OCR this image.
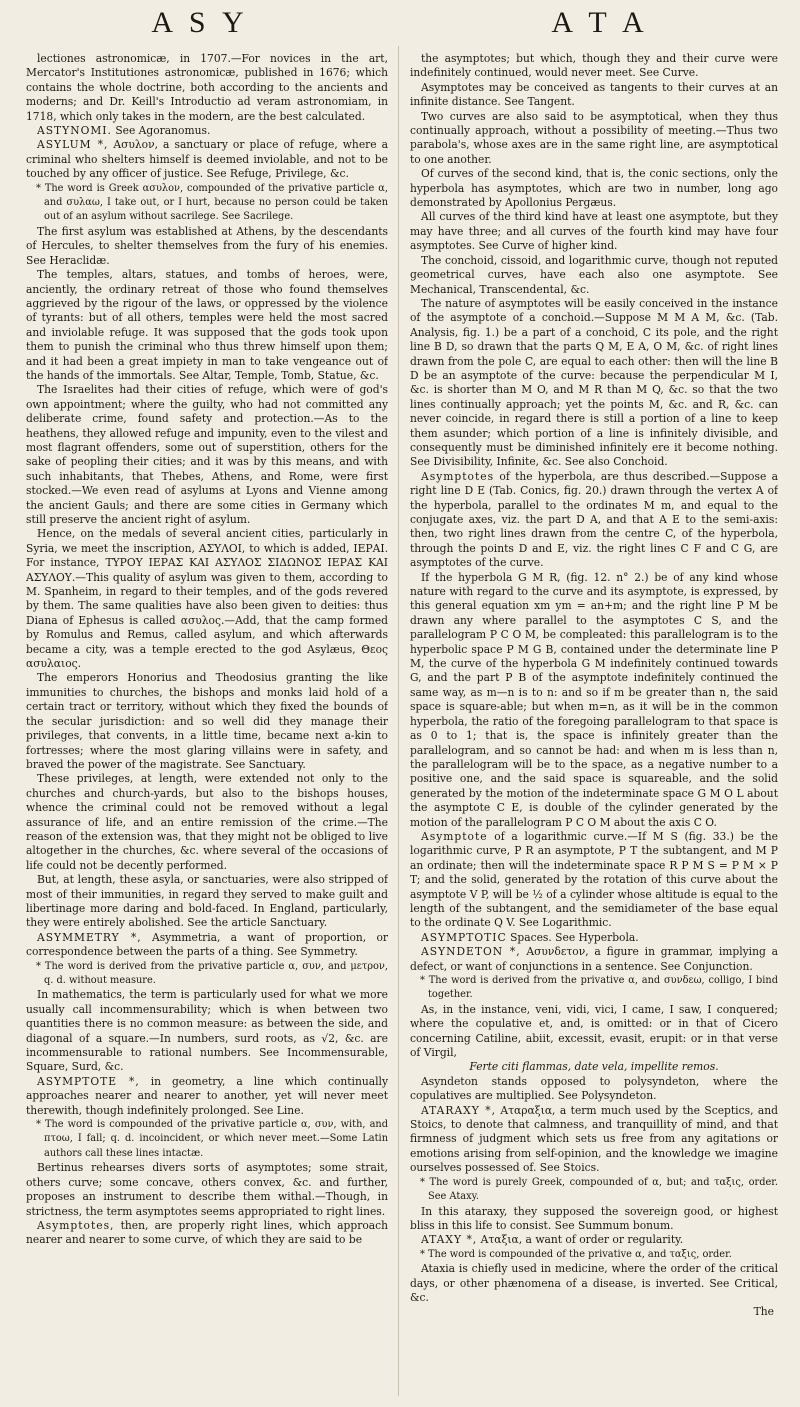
A S Y	A T A

lectiones astronomicæ, in 1707.—For novices in the art, Mercator's Institutiones astronomicæ, published in 1676; which contains the whole doctrine, both according to the ancients and moderns; and Dr. Keill's Introductio ad veram astronomiam, in 1718, which only takes in the modern, are the best calculated.

ASTYNOMI. See Agoranomus.

ASYLUM *, Ασυλον, a sanctuary or place of refuge, where a criminal who shelters himself is deemed inviolable, and not to be touched by any officer of justice. See Refuge, Privilege, &c.

* The word is Greek ασυλον, compounded of the privative particle α, and συλαω, I take out, or I hurt, because no person could be taken out of an asylum without sacrilege. See Sacrilege.

The first asylum was established at Athens, by the descendants of Hercules, to shelter themselves from the fury of his enemies. See Heraclidæ.

The temples, altars, statues, and tombs of heroes, were, anciently, the ordinary retreat of those who found themselves aggrieved by the rigour of the laws, or oppressed by the violence of tyrants: but of all others, temples were held the most sacred and inviolable refuge. It was supposed that the gods took upon them to punish the criminal who thus threw himself upon them; and it had been a great impiety in man to take vengeance out of the hands of the immortals. See Altar, Temple, Tomb, Statue, &c.

The Israelites had their cities of refuge, which were of god's own appointment; where the guilty, who had not committed any deliberate crime, found safety and protection.—As to the heathens, they allowed refuge and impunity, even to the vilest and most flagrant offenders, some out of superstition, others for the sake of peopling their cities; and it was by this means, and with such inhabitants, that Thebes, Athens, and Rome, were first stocked.—We even read of asylums at Lyons and Vienne among the ancient Gauls; and there are some cities in Germany which still preserve the ancient right of asylum.

Hence, on the medals of several ancient cities, particularly in Syria, we meet the inscription, ΑΣΥΛΟΙ, to which is added, ΙΕΡΑΙ. For instance, ΤΥΡΟΥ ΙΕΡΑΣ ΚΑΙ ΑΣΥΛΟΣ ΣΙΔΩΝΟΣ ΙΕΡΑΣ ΚΑΙ ΑΣΥΛΟΥ.—This quality of asylum was given to them, according to M. Spanheim, in regard to their temples, and of the gods revered by them. The same qualities have also been given to deities: thus Diana of Ephesus is called ασυλος.—Add, that the camp formed by Romulus and Remus, called asylum, and which afterwards became a city, was a temple erected to the god Asylæus, Θεος ασυλαιος.

The emperors Honorius and Theodosius granting the like immunities to churches, the bishops and monks laid hold of a certain tract or territory, without which they fixed the bounds of the secular jurisdiction: and so well did they manage their privileges, that convents, in a little time, became next a-kin to fortresses; where the most glaring villains were in safety, and braved the power of the magistrate. See Sanctuary.

These privileges, at length, were extended not only to the churches and church-yards, but also to the bishops houses, whence the criminal could not be removed without a legal assurance of life, and an entire remission of the crime.—The reason of the extension was, that they might not be obliged to live altogether in the churches, &c. where several of the occasions of life could not be decently performed.

But, at length, these asyla, or sanctuaries, were also stripped of most of their immunities, in regard they served to make guilt and libertinage more daring and bold-faced. In England, particularly, they were entirely abolished. See the article Sanctuary.

ASYMMETRY *, Asymmetria, a want of proportion, or correspondence between the parts of a thing. See Symmetry.

* The word is derived from the privative particle α, συν, and μετρον, q. d. without measure.

In mathematics, the term is particularly used for what we more usually call incommensurability; which is when between two quantities there is no common measure: as between the side, and diagonal of a square.—In numbers, surd roots, as √2, &c. are incommensurable to rational numbers. See Incommensurable, Square, Surd, &c.

ASYMPTOTE *, in geometry, a line which continually approaches nearer and nearer to another, yet will never meet therewith, though indefinitely prolonged. See Line.

* The word is compounded of the privative particle α, συν, with, and πτοω, I fall; q. d. incoincident, or which never meet.—Some Latin authors call these lines intactæ.

Bertinus rehearses divers sorts of asymptotes; some strait, others curve; some concave, others convex, &c. and further, proposes an instrument to describe them withal.—Though, in strictness, the term asymptotes seems appropriated to right lines.

Asymptotes, then, are properly right lines, which approach nearer and nearer to some curve, of which they are said to be

the asymptotes; but which, though they and their curve were indefinitely continued, would never meet. See Curve.

Asymptotes may be conceived as tangents to their curves at an infinite distance. See Tangent.

Two curves are also said to be asymptotical, when they thus continually approach, without a possibility of meeting.—Thus two parabola's, whose axes are in the same right line, are asymptotical to one another.

Of curves of the second kind, that is, the conic sections, only the hyperbola has asymptotes, which are two in number, long ago demonstrated by Apollonius Pergæus.

All curves of the third kind have at least one asymptote, but they may have three; and all curves of the fourth kind may have four asymptotes. See Curve of higher kind.

The conchoid, cissoid, and logarithmic curve, though not reputed geometrical curves, have each also one asymptote. See Mechanical, Transcendental, &c.

The nature of asymptotes will be easily conceived in the instance of the asymptote of a conchoid.—Suppose M M A M, &c. (Tab. Analysis, fig. 1.) be a part of a conchoid, C its pole, and the right line B D, so drawn that the parts Q M, E A, O M, &c. of right lines drawn from the pole C, are equal to each other: then will the line B D be an asymptote of the curve: because the perpendicular M I, &c. is shorter than M O, and M R than M Q, &c. so that the two lines continually approach; yet the points M, &c. and R, &c. can never coincide, in regard there is still a portion of a line to keep them asunder; which portion of a line is infinitely divisible, and consequently must be diminished infinitely ere it become nothing. See Divisibility, Infinite, &c. See also Conchoid.

Asymptotes of the hyperbola, are thus described.—Suppose a right line D E (Tab. Conics, fig. 20.) drawn through the vertex A of the hyperbola, parallel to the ordinates M m, and equal to the conjugate axes, viz. the part D A, and that A E to the semi-axis: then, two right lines drawn from the centre C, of the hyperbola, through the points D and E, viz. the right lines C F and C G, are asymptotes of the curve.

If the hyperbola G M R, (fig. 12. n° 2.) be of any kind whose nature with regard to the curve and its asymptote, is expressed, by this general equation xm ym = an+m; and the right line P M be drawn any where parallel to the asymptotes C S, and the parallelogram P C O M, be compleated: this parallelogram is to the hyperbolic space P M G B, contained under the determinate line P M, the curve of the hyperbola G M indefinitely continued towards G, and the part P B of the asymptote indefinitely continued the same way, as m—n is to n: and so if m be greater than n, the said space is square-able; but when m=n, as it will be in the common hyperbola, the ratio of the foregoing parallelogram to that space is as 0 to 1; that is, the space is infinitely greater than the parallelogram, and so cannot be had: and when m is less than n, the parallelogram will be to the space, as a negative number to a positive one, and the said space is squareable, and the solid generated by the motion of the indeterminate space G M O L about the asymptote C E, is double of the cylinder generated by the motion of the parallelogram P C O M about the axis C O.

Asymptote of a logarithmic curve.—If M S (fig. 33.) be the logarithmic curve, P R an asymptote, P T the subtangent, and M P an ordinate; then will the indeterminate space R P M S = P M × P T; and the solid, generated by the rotation of this curve about the asymptote V P, will be ½ of a cylinder whose altitude is equal to the length of the subtangent, and the semidiameter of the base equal to the ordinate Q V. See Logarithmic.

ASYMPTOTIC Spaces. See Hyperbola.

ASYNDETON *, Ασυνδετον, a figure in grammar, implying a defect, or want of conjunctions in a sentence. See Conjunction.

* The word is derived from the privative α, and συνδεω, colligo, I bind together.

As, in the instance, veni, vidi, vici, I came, I saw, I conquered; where the copulative et, and, is omitted: or in that of Cicero concerning Catiline, abiit, excessit, evasit, erupit: or in that verse of Virgil,

Ferte citi flammas, date vela, impellite remos.

Asyndeton stands opposed to polysyndeton, where the copulatives are multiplied. See Polysyndeton.

ATARAXY *, Αταραξια, a term much used by the Sceptics, and Stoics, to denote that calmness, and tranquillity of mind, and that firmness of judgment which sets us free from any agitations or emotions arising from self-opinion, and the knowledge we imagine ourselves possessed of. See Stoics.

* The word is purely Greek, compounded of α, but; and ταξις, order. See Ataxy.

In this ataraxy, they supposed the sovereign good, or highest bliss in this life to consist. See Summum bonum.

ATAXY *, Αταξια, a want of order or regularity.

* The word is compounded of the privative α, and ταξις, order.

Ataxia is chiefly used in medicine, where the order of the critical days, or other phænomena of a disease, is inverted. See Critical, &c.

The
